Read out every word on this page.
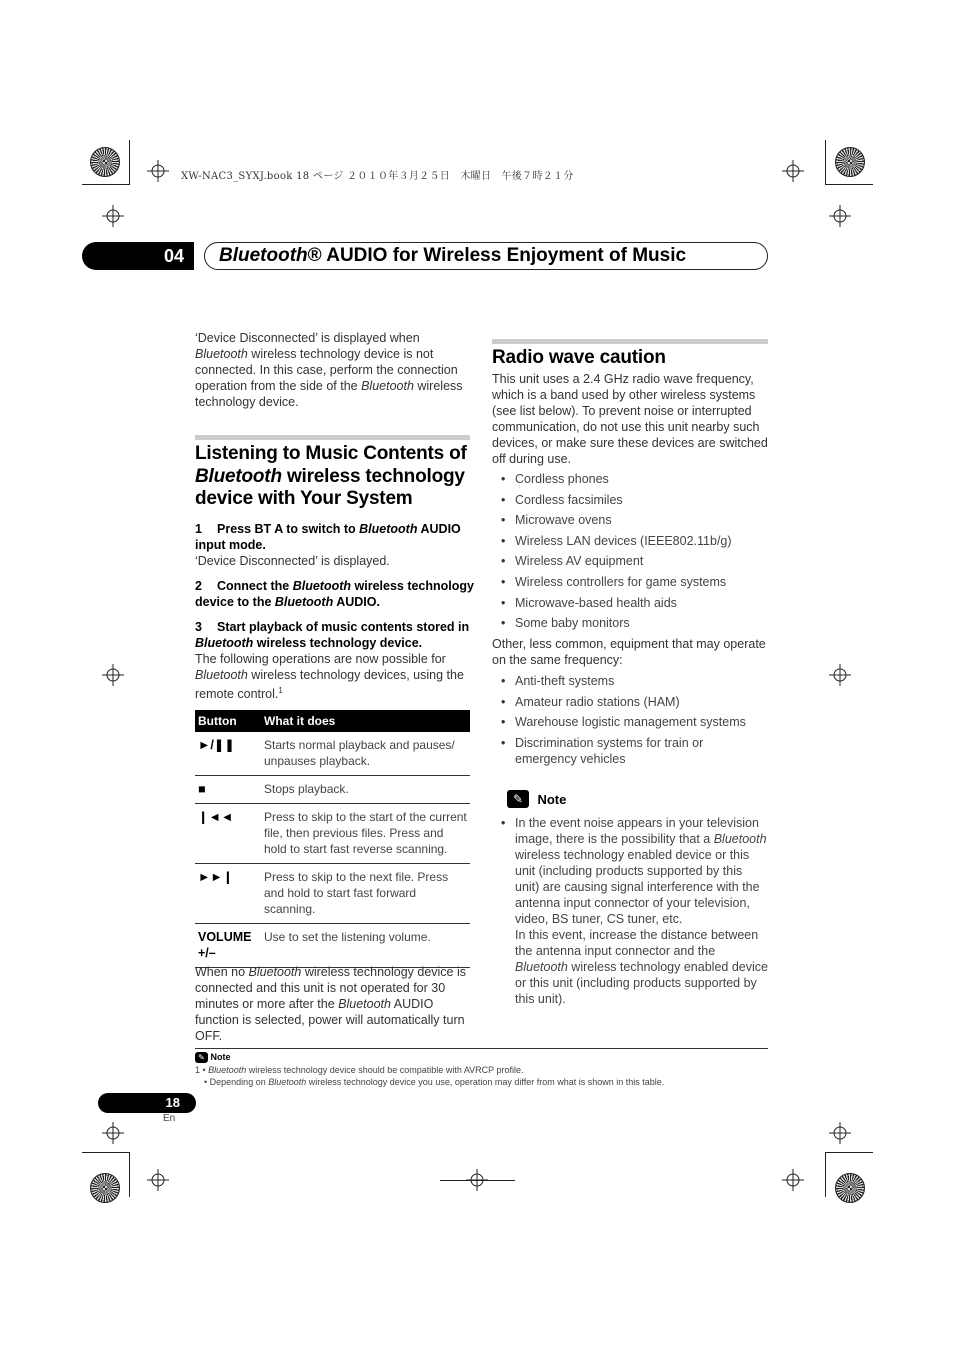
XW-NAC3_SYXJ.book 18 ページ ２０１０年３月２５日　木曜日　午後７時２１分
04	Bluetooth® AUDIO for Wireless Enjoyment of Music
‘Device Disconnected’ is displayed when
Bluetooth wireless technology device is not connected. In this case, perform the connection operation from the side of the Bluetooth wireless technology device.
Listening to Music Contents of
Bluetooth wireless technology
device with Your System
1 Press BT A to switch to Bluetooth AUDIO input mode.
‘Device Disconnected’ is displayed.
2 Connect the Bluetooth wireless technology device to the Bluetooth AUDIO.
3 Start playback of music contents stored in Bluetooth wireless technology device.
The following operations are now possible for Bluetooth wireless technology devices, using the remote control.$^1$
Button	What it does
►/❚❚	Starts normal playback and pauses/ unpauses playback.
■	Stops playback.
❙◄◄	Press to skip to the start of the current file, then previous files. Press and hold to start fast reverse scanning.
►►❙	Press to skip to the next file. Press and hold to start fast forward scanning.
VOLUME +/–	Use to set the listening volume.
When no Bluetooth wireless technology device is connected and this unit is not operated for 30 minutes or more after the Bluetooth AUDIO function is selected, power will automatically turn OFF.
Radio wave caution
This unit uses a 2.4 GHz radio wave frequency, which is a band used by other wireless systems (see list below). To prevent noise or interrupted communication, do not use this unit nearby such devices, or make sure these devices are switched off during use.
• Cordless phones
• Cordless facsimiles
• Microwave ovens
• Wireless LAN devices (IEEE802.11b/g)
• Wireless AV equipment
• Wireless controllers for game systems
• Microwave-based health aids
• Some baby monitors
Other, less common, equipment that may operate on the same frequency:
• Anti-theft systems
• Amateur radio stations (HAM)
• Warehouse logistic management systems
• Discrimination systems for train or emergency vehicles
✎ Note
• In the event noise appears in your television image, there is the possibility that a Bluetooth wireless technology enabled device or this unit (including products supported by this unit) are causing signal interference with the antenna input connector of your television, video, BS tuner, CS tuner, etc.
In this event, increase the distance between the antenna input connector and the Bluetooth wireless technology enabled device or this unit (including products supported by this unit).
✎ Note
1 • Bluetooth wireless technology device should be compatible with AVRCP profile.
• Depending on Bluetooth wireless technology device you use, operation may differ from what is shown in this table.
18
En
